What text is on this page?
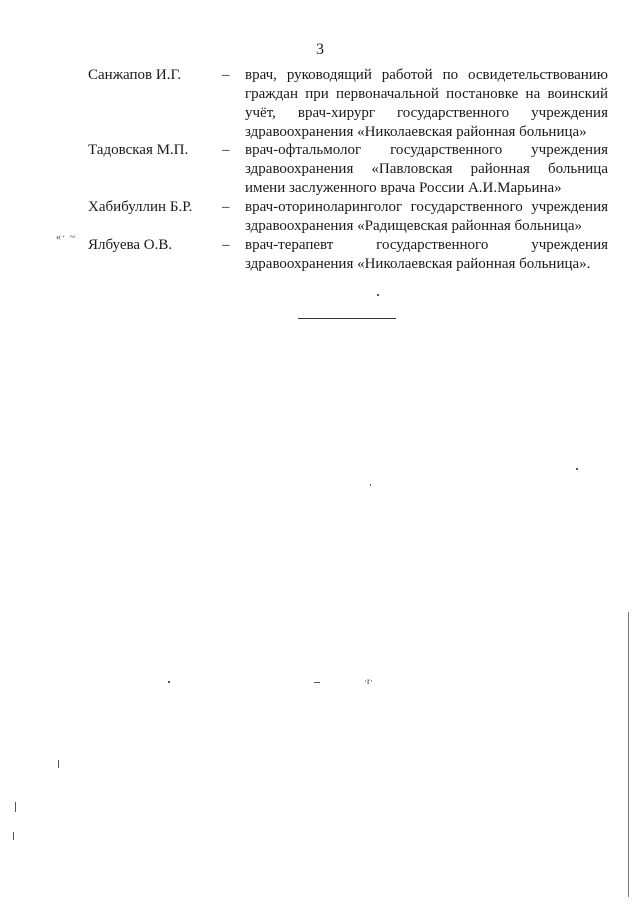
3
Санжапов И.Г.	– врач, руководящий работой по освидетельствованию граждан при первоначальной постановке на воинский учёт, врач-хирург государственного учреждения здравоохранения «Николаевская районная больница»
Тадовская М.П. – врач-офтальмолог государственного учреждения здравоохранения «Павловская районная больница имени заслуженного врача России А.И.Марьина»
Хабибуллин Б.Р. – врач-оториноларинголог государственного учреждения здравоохранения «Радищевская районная больница»
Ялбуева О.В.	– врач-терапевт государственного учреждения здравоохранения «Николаевская районная больница».
«· ~
·r·
